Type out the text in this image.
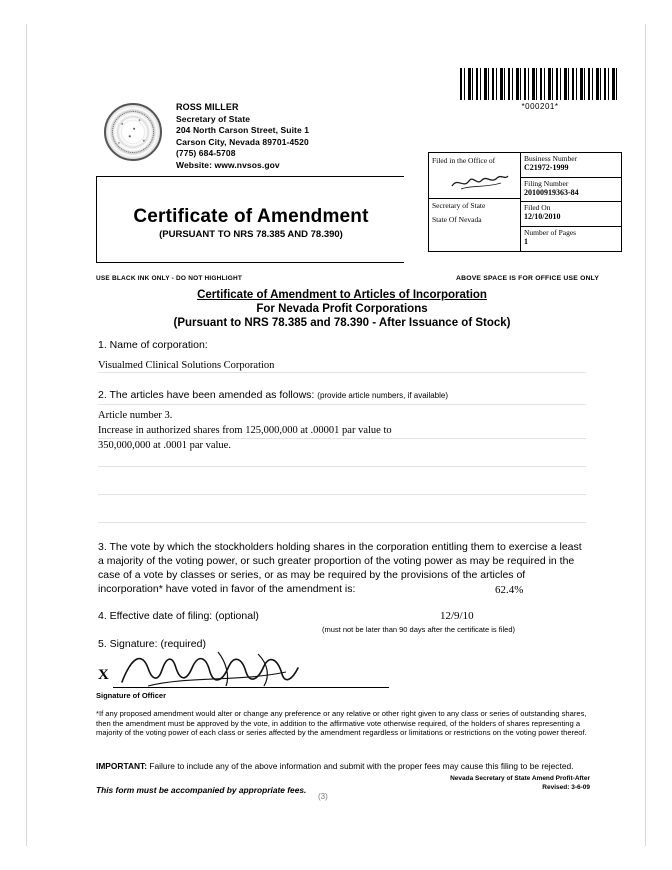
*000201*
ROSS MILLER
Secretary of State
204 North Carson Street, Suite 1
Carson City, Nevada 89701-4520
(775) 684-5708
Website: www.nvsos.gov	Filed in the Office of
Secretary of State
State Of Nevada
Business Number
C21972-1999
Filing Number
20100919363-84
Filed On
12/10/2010
Number of Pages
1
Certificate of Amendment
(PURSUANT TO NRS 78.385 AND 78.390)
USE BLACK INK ONLY - DO NOT HIGHLIGHT	ABOVE SPACE IS FOR OFFICE USE ONLY
Certificate of Amendment to Articles of Incorporation
For Nevada Profit Corporations
(Pursuant to NRS 78.385 and 78.390 - After Issuance of Stock)
1. Name of corporation:
Visualmed Clinical Solutions Corporation
2. The articles have been amended as follows: (provide article numbers, if available)
Article number 3.
Increase in authorized shares from 125,000,000 at .00001 par value to
350,000,000 at .0001 par value.
3. The vote by which the stockholders holding shares in the corporation entitling them to exercise a least a majority of the voting power, or such greater proportion of the voting power as may be required in the case of a vote by classes or series, or as may be required by the provisions of the articles of incorporation* have voted in favor of the amendment is:	62.4%
4. Effective date of filing: (optional)	12/9/10
(must not be later than 90 days after the certificate is filed)
5. Signature: (required)
X
Signature of Officer
*If any proposed amendment would alter or change any preference or any relative or other right given to any class or series of outstanding shares, then the amendment must be approved by the vote, in addition to the affirmative vote otherwise required, of the holders of shares representing a majority of the voting power of each class or series affected by the amendment regardless or limitations or restrictions on the voting power thereof.
IMPORTANT: Failure to include any of the above information and submit with the proper fees may cause this filing to be rejected.
This form must be accompanied by appropriate fees.
Nevada Secretary of State Amend Profit-After
Revised: 3-6-09
(3)
